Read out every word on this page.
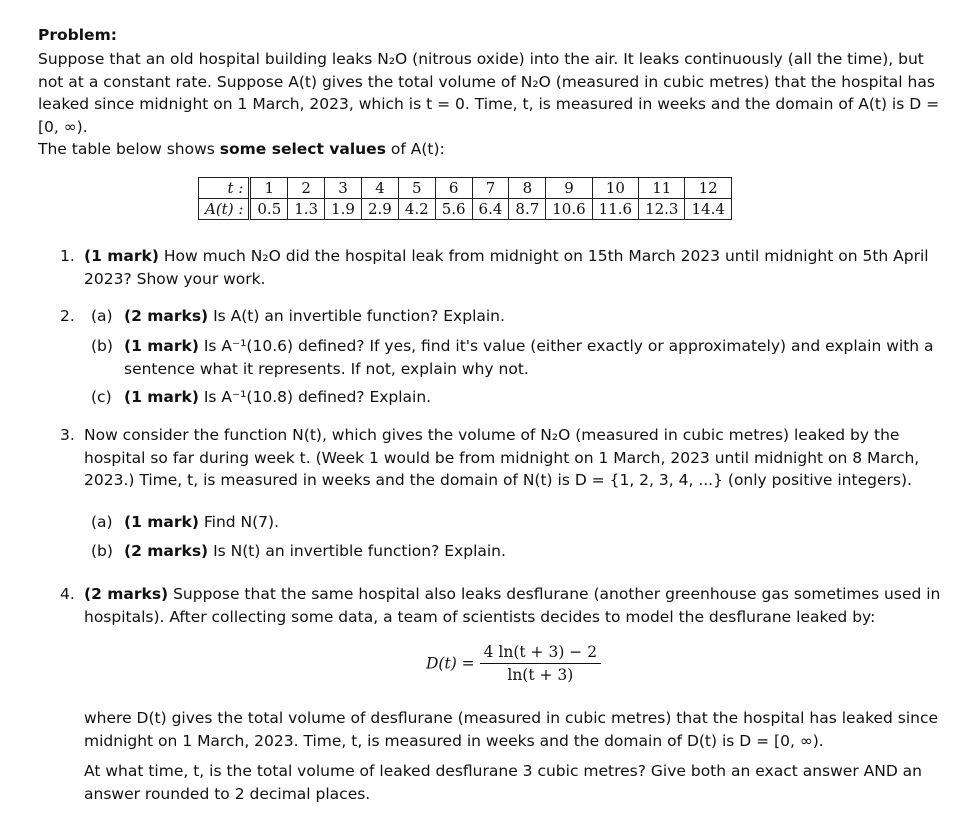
Problem:
Suppose that an old hospital building leaks N₂O (nitrous oxide) into the air. It leaks continuously (all the time), but not at a constant rate. Suppose A(t) gives the total volume of N₂O (measured in cubic metres) that the hospital has leaked since midnight on 1 March, 2023, which is t = 0. Time, t, is measured in weeks and the domain of A(t) is D = [0, ∞).
The table below shows some select values of A(t):
t :	1	2	3	4	5	6	7	8	9	10	11	12
A(t) :	0.5	1.3	1.9	2.9	4.2	5.6	6.4	8.7	10.6	11.6	12.3	14.4
1. (1 mark) How much N₂O did the hospital leak from midnight on 15th March 2023 until midnight on 5th April 2023? Show your work.
2. (a) (2 marks) Is A(t) an invertible function? Explain.
(b) (1 mark) Is A⁻¹(10.6) defined? If yes, find it's value (either exactly or approximately) and explain with a sentence what it represents. If not, explain why not.
(c) (1 mark) Is A⁻¹(10.8) defined? Explain.
3. Now consider the function N(t), which gives the volume of N₂O (measured in cubic metres) leaked by the hospital so far during week t. (Week 1 would be from midnight on 1 March, 2023 until midnight on 8 March, 2023.) Time, t, is measured in weeks and the domain of N(t) is D = {1, 2, 3, 4, ...} (only positive integers).
(a) (1 mark) Find N(7).
(b) (2 marks) Is N(t) an invertible function? Explain.
4. (2 marks) Suppose that the same hospital also leaks desflurane (another greenhouse gas sometimes used in hospitals). After collecting some data, a team of scientists decides to model the desflurane leaked by:
$D(t) = \frac{4 \ln(t + 3) - 2}{\ln(t + 3)}$
where D(t) gives the total volume of desflurane (measured in cubic metres) that the hospital has leaked since midnight on 1 March, 2023. Time, t, is measured in weeks and the domain of D(t) is D = [0, ∞).
At what time, t, is the total volume of leaked desflurane 3 cubic metres? Give both an exact answer AND an answer rounded to 2 decimal places.
